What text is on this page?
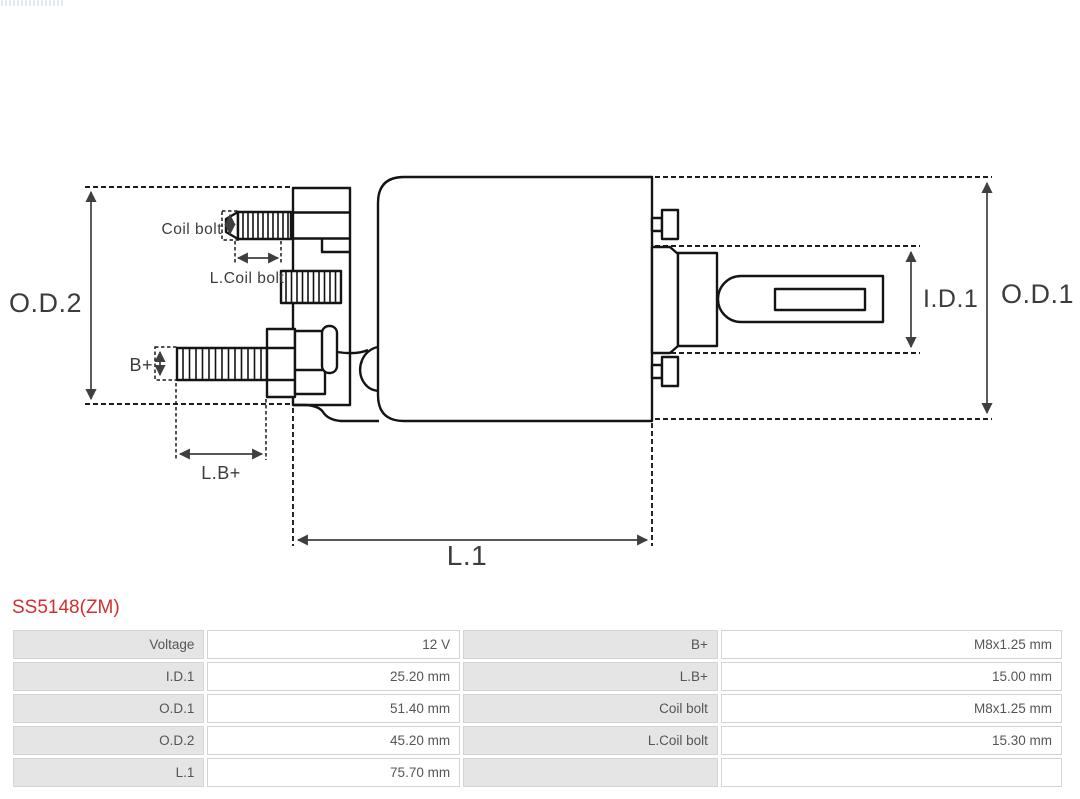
O.D.2	O.D.1
I.D.1
L.1
B+
L.B+
Coil bolt
L.Coil bolt
SS5148(ZM)
Voltage	12 V	B+	M8x1.25 mm
I.D.1	25.20 mm	L.B+	15.00 mm
O.D.1	51.40 mm	Coil bolt	M8x1.25 mm
O.D.2	45.20 mm	L.Coil bolt	15.30 mm
L.1	75.70 mm		
